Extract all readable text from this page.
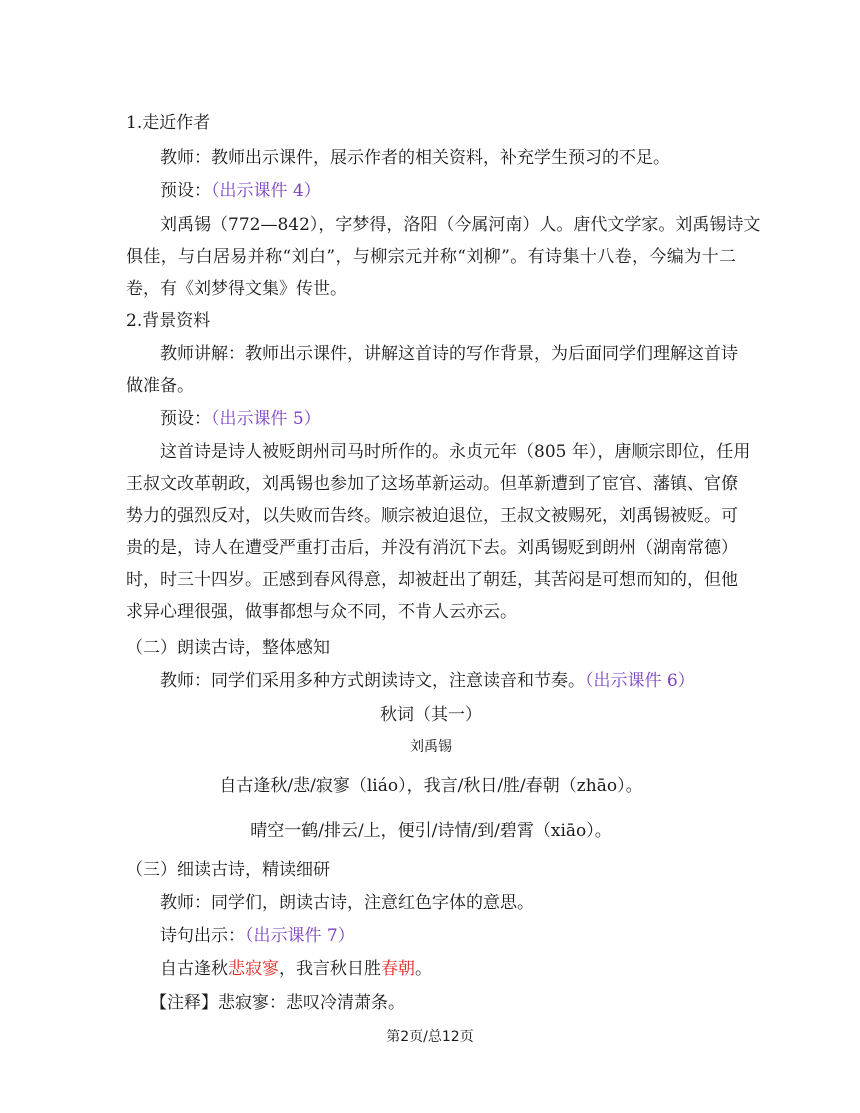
1.走近作者
教师：教师出示课件，展示作者的相关资料，补充学生预习的不足。
预设：（出示课件 4）
刘禹锡（772—842），字梦得，洛阳（今属河南）人。唐代文学家。刘禹锡诗文
俱佳，与白居易并称“刘白”，与柳宗元并称“刘柳”。有诗集十八卷，今编为十二
卷，有《刘梦得文集》传世。
2.背景资料
教师讲解：教师出示课件，讲解这首诗的写作背景，为后面同学们理解这首诗
做准备。
预设：（出示课件 5）
这首诗是诗人被贬朗州司马时所作的。永贞元年（805 年），唐顺宗即位，任用
王叔文改革朝政，刘禹锡也参加了这场革新运动。但革新遭到了宦官、藩镇、官僚
势力的强烈反对，以失败而告终。顺宗被迫退位，王叔文被赐死，刘禹锡被贬。可
贵的是，诗人在遭受严重打击后，并没有消沉下去。刘禹锡贬到朗州（湖南常德）
时，时三十四岁。正感到春风得意，却被赶出了朝廷，其苦闷是可想而知的，但他
求异心理很强，做事都想与众不同，不肯人云亦云。
（二）朗读古诗，整体感知
教师：同学们采用多种方式朗读诗文，注意读音和节奏。（出示课件 6）
秋词（其一）
刘禹锡
自古逢秋/悲/寂寥（liáo），我言/秋日/胜/春朝（zhāo）。
晴空一鹤/排云/上，便引/诗情/到/碧霄（xiāo）。
（三）细读古诗，精读细研
教师：同学们，朗读古诗，注意红色字体的意思。
诗句出示：（出示课件 7）
自古逢秋悲寂寥，我言秋日胜春朝。
【注释】悲寂寥：悲叹冷清萧条。
第2页/总12页
